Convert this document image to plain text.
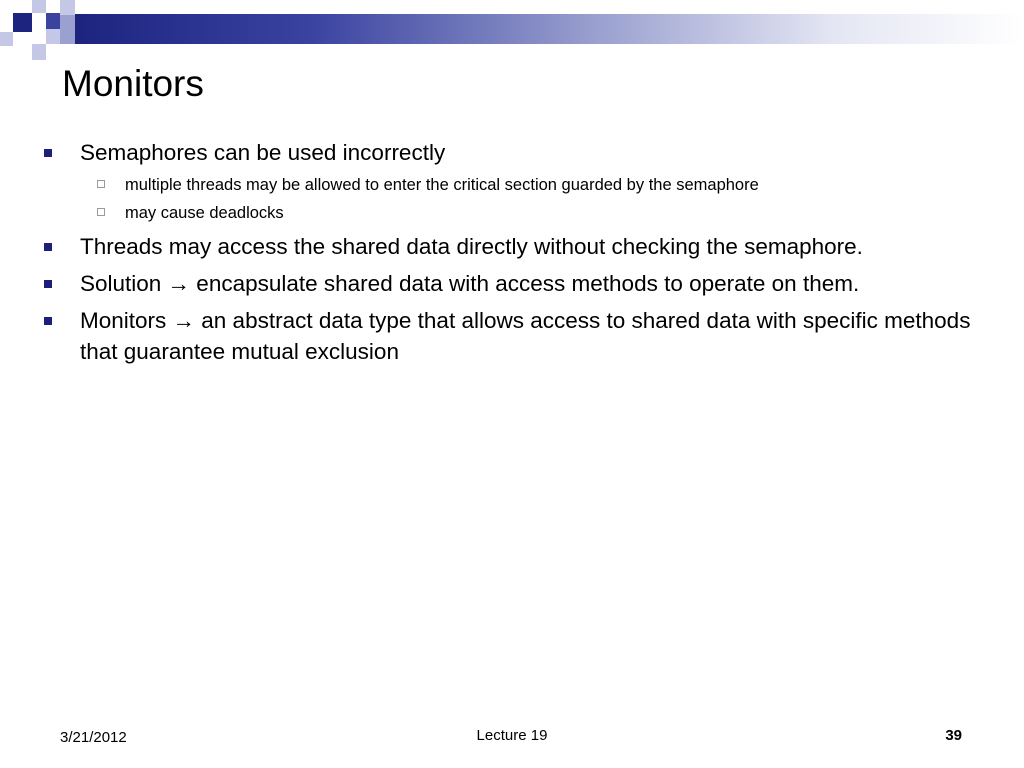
Monitors
Semaphores can be used incorrectly
multiple threads may be allowed to enter the critical section guarded by the semaphore
may cause deadlocks
Threads may access the shared data directly without checking the semaphore.
Solution → encapsulate shared data with access methods to operate on them.
Monitors → an abstract data type that allows access to shared data with specific methods that guarantee mutual exclusion
3/21/2012	Lecture 19	39
